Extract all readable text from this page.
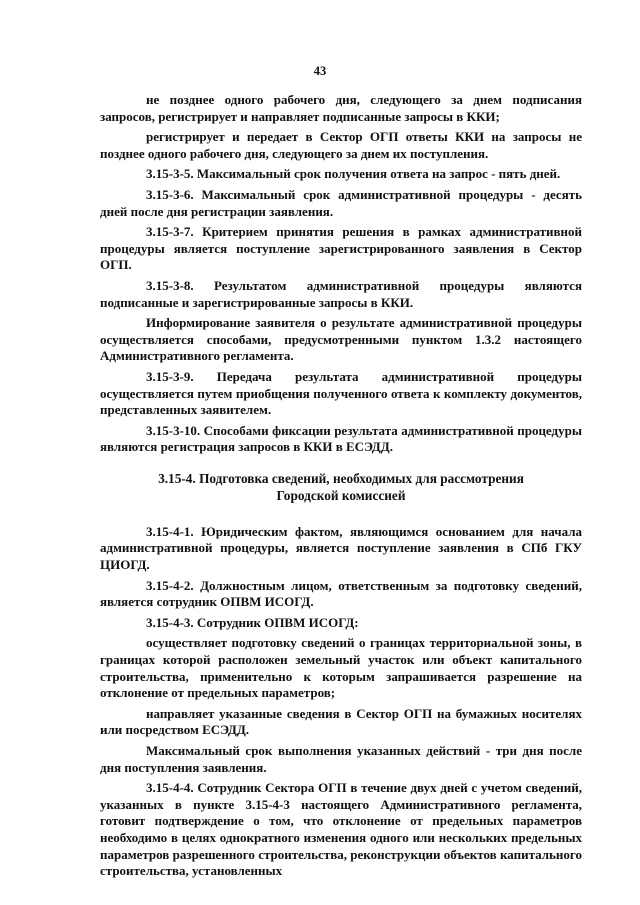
43

не позднее одного рабочего дня, следующего за днем подписания запросов, регистрирует и направляет подписанные запросы в ККИ;

регистрирует и передает в Сектор ОГП ответы ККИ на запросы не позднее одного рабочего дня, следующего за днем их поступления.

3.15-3-5. Максимальный срок получения ответа на запрос - пять дней.

3.15-3-6. Максимальный срок административной процедуры - десять дней после дня регистрации заявления.

3.15-3-7. Критерием принятия решения в рамках административной процедуры является поступление зарегистрированного заявления в Сектор ОГП.

3.15-3-8. Результатом административной процедуры являются подписанные и зарегистрированные запросы в ККИ.

Информирование заявителя о результате административной процедуры осуществляется способами, предусмотренными пунктом 1.3.2 настоящего Административного регламента.

3.15-3-9. Передача результата административной процедуры осуществляется путем приобщения полученного ответа к комплекту документов, представленных заявителем.

3.15-3-10. Способами фиксации результата административной процедуры являются регистрация запросов в ККИ в ЕСЭДД.

3.15-4. Подготовка сведений, необходимых для рассмотрения
Городской комиссией

3.15-4-1. Юридическим фактом, являющимся основанием для начала административной процедуры, является поступление заявления в СПб ГКУ ЦИОГД.

3.15-4-2. Должностным лицом, ответственным за подготовку сведений, является сотрудник ОПВМ ИСОГД.

3.15-4-3. Сотрудник ОПВМ ИСОГД:

осуществляет подготовку сведений о границах территориальной зоны, в границах которой расположен земельный участок или объект капитального строительства, применительно к которым запрашивается разрешение на отклонение от предельных параметров;

направляет указанные сведения в Сектор ОГП на бумажных носителях или посредством ЕСЭДД.

Максимальный срок выполнения указанных действий - три дня после дня поступления заявления.

3.15-4-4. Сотрудник Сектора ОГП в течение двух дней с учетом сведений, указанных в пункте 3.15-4-3 настоящего Административного регламента, готовит подтверждение о том, что отклонение от предельных параметров необходимо в целях однократного изменения одного или нескольких предельных параметров разрешенного строительства, реконструкции объектов капитального строительства, установленных
